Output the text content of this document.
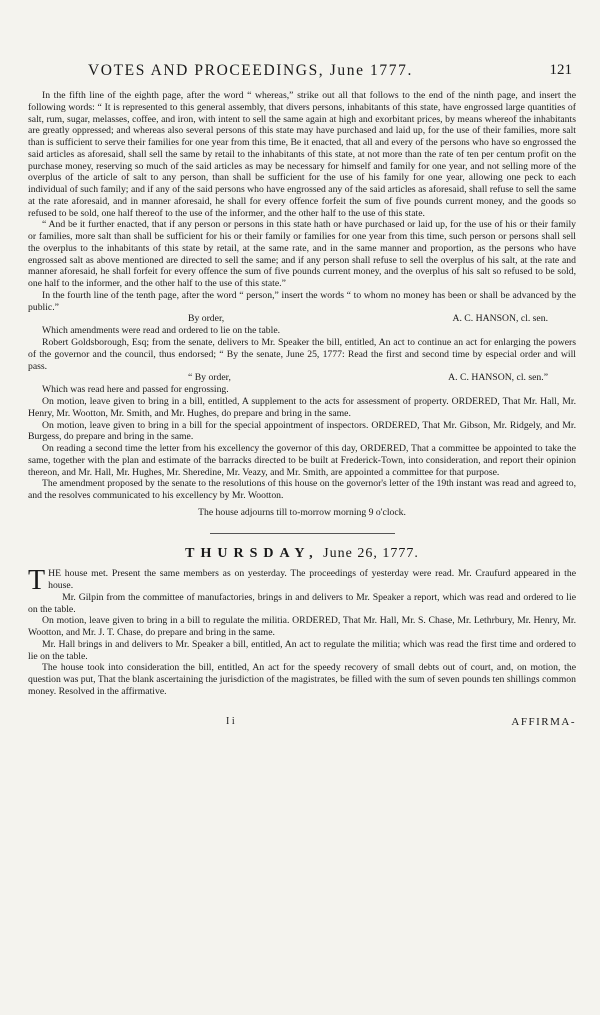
VOTES AND PROCEEDINGS, June 1777.	121

In the fifth line of the eighth page, after the word “ whereas,” strike out all that follows to the end of the ninth page, and insert the following words: “ It is represented to this general assembly, that divers persons, inhabitants of this state, have engrossed large quantities of salt, rum, sugar, melasses, coffee, and iron, with intent to sell the same again at high and exorbitant prices, by means whereof the inhabitants are greatly oppressed; and whereas also several persons of this state may have purchased and laid up, for the use of their families, more salt than is sufficient to serve their families for one year from this time, Be it enacted, that all and every of the persons who have so engrossed the said articles as aforesaid, shall sell the same by retail to the inhabitants of this state, at not more than the rate of ten per centum profit on the purchase money, reserving so much of the said articles as may be necessary for himself and family for one year, and not selling more of the overplus of the article of salt to any person, than shall be sufficient for the use of his family for one year, allowing one peck to each individual of such family; and if any of the said persons who have engrossed any of the said articles as aforesaid, shall refuse to sell the same at the rate aforesaid, and in manner aforesaid, he shall for every offence forfeit the sum of five pounds current money, and the goods so refused to be sold, one half thereof to the use of the informer, and the other half to the use of this state.

“ And be it further enacted, that if any person or persons in this state hath or have purchased or laid up, for the use of his or their family or families, more salt than shall be sufficient for his or their family or families for one year from this time, such person or persons shall sell the overplus to the inhabitants of this state by retail, at the same rate, and in the same manner and proportion, as the persons who have engrossed salt as above mentioned are directed to sell the same; and if any person shall refuse to sell the overplus of his salt, at the rate and manner aforesaid, he shall forfeit for every offence the sum of five pounds current money, and the overplus of his salt so refused to be sold, one half to the informer, and the other half to the use of this state.”

In the fourth line of the tenth page, after the word “ person,” insert the words “ to whom no money has been or shall be advanced by the public.”

By order,	A. C. HANSON, cl. sen.

Which amendments were read and ordered to lie on the table.

Robert Goldsborough, Esq; from the senate, delivers to Mr. Speaker the bill, entitled, An act to continue an act for enlarging the powers of the governor and the council, thus endorsed; “ By the senate, June 25, 1777: Read the first and second time by especial order and will pass.

“ By order,	A. C. HANSON, cl. sen.”

Which was read here and passed for engrossing.

On motion, leave given to bring in a bill, entitled, A supplement to the acts for assessment of property. ORDERED, That Mr. Hall, Mr. Henry, Mr. Wootton, Mr. Smith, and Mr. Hughes, do prepare and bring in the same.

On motion, leave given to bring in a bill for the special appointment of inspectors. ORDERED, That Mr. Gibson, Mr. Ridgely, and Mr. Burgess, do prepare and bring in the same.

On reading a second time the letter from his excellency the governor of this day, ORDERED, That a committee be appointed to take the same, together with the plan and estimate of the barracks directed to be built at Frederick-Town, into consideration, and report their opinion thereon, and Mr. Hall, Mr. Hughes, Mr. Sheredine, Mr. Veazy, and Mr. Smith, are appointed a committee for that purpose.

The amendment proposed by the senate to the resolutions of this house on the governor's letter of the 19th instant was read and agreed to, and the resolves communicated to his excellency by Mr. Wootton.

The house adjourns till to-morrow morning 9 o'clock.

THURSDAY, June 26, 1777.

THE house met. Present the same members as on yesterday. The proceedings of yesterday were read. Mr. Craufurd appeared in the house.

Mr. Gilpin from the committee of manufactories, brings in and delivers to Mr. Speaker a report, which was read and ordered to lie on the table.

On motion, leave given to bring in a bill to regulate the militia. ORDERED, That Mr. Hall, Mr. S. Chase, Mr. Lethrbury, Mr. Henry, Mr. Wootton, and Mr. J. T. Chase, do prepare and bring in the same.

Mr. Hall brings in and delivers to Mr. Speaker a bill, entitled, An act to regulate the militia; which was read the first time and ordered to lie on the table.

The house took into consideration the bill, entitled, An act for the speedy recovery of small debts out of court, and, on motion, the question was put, That the blank ascertaining the jurisdiction of the magistrates, be filled with the sum of seven pounds ten shillings common money. Resolved in the affirmative.

I i	AFFIRMA-
